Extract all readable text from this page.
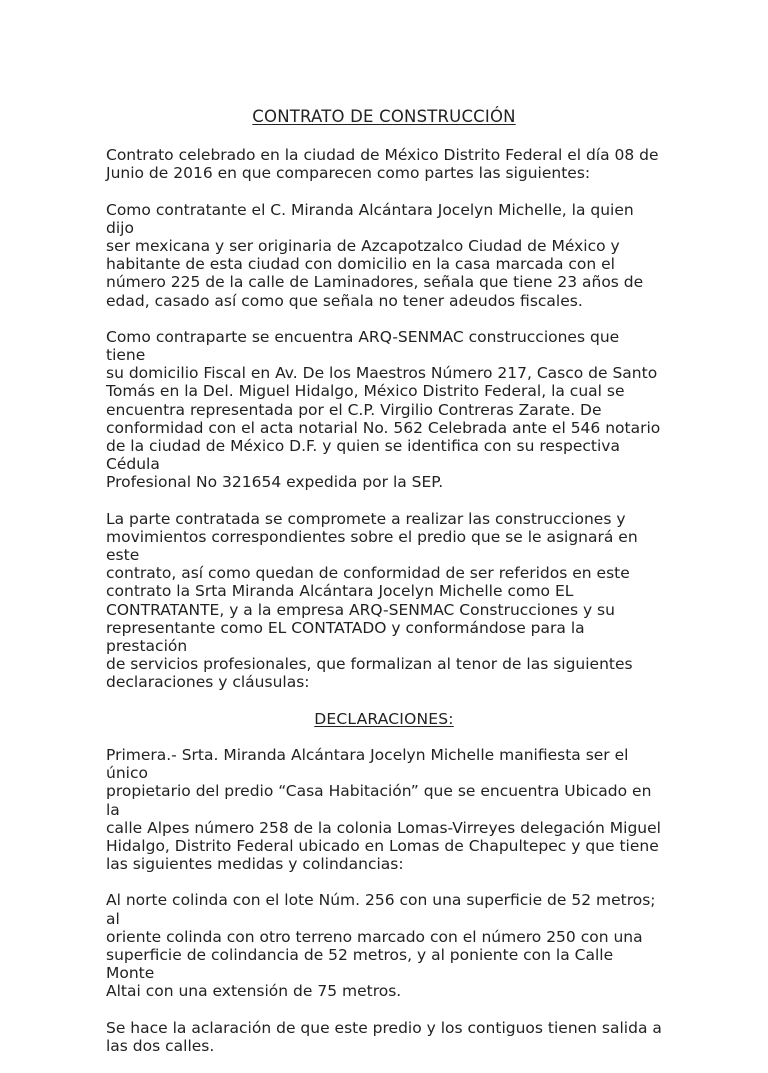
CONTRATO DE CONSTRUCCIÓN

Contrato celebrado en la ciudad de México Distrito Federal el día 08 de
Junio de 2016 en que comparecen como partes las siguientes:

Como contratante el C. Miranda Alcántara Jocelyn Michelle, la quien dijo
ser mexicana y ser originaria de Azcapotzalco Ciudad de México y
habitante de esta ciudad con domicilio en la casa marcada con el
número 225 de la calle de Laminadores, señala que tiene 23 años de
edad, casado así como que señala no tener adeudos fiscales.

Como contraparte se encuentra ARQ-SENMAC construcciones que tiene
su domicilio Fiscal en Av. De los Maestros Número 217, Casco de Santo
Tomás en la Del. Miguel Hidalgo, México Distrito Federal, la cual se
encuentra representada por el C.P. Virgilio Contreras Zarate. De
conformidad con el acta notarial No. 562 Celebrada ante el 546 notario
de la ciudad de México D.F. y quien se identifica con su respectiva Cédula
Profesional No 321654 expedida por la SEP.

La parte contratada se compromete a realizar las construcciones y
movimientos correspondientes sobre el predio que se le asignará en este
contrato, así como quedan de conformidad de ser referidos en este
contrato la Srta Miranda Alcántara Jocelyn Michelle como EL
CONTRATANTE, y a la empresa ARQ-SENMAC Construcciones y su
representante como EL CONTATADO y conformándose para la prestación
de servicios profesionales, que formalizan al tenor de las siguientes
declaraciones y cláusulas:

DECLARACIONES:

Primera.- Srta. Miranda Alcántara Jocelyn Michelle manifiesta ser el único
propietario del predio “Casa Habitación” que se encuentra Ubicado en la
calle Alpes número 258 de la colonia Lomas-Virreyes delegación Miguel
Hidalgo, Distrito Federal ubicado en Lomas de Chapultepec y que tiene
las siguientes medidas y colindancias:

Al norte colinda con el lote Núm. 256 con una superficie de 52 metros; al
oriente colinda con otro terreno marcado con el número 250 con una
superficie de colindancia de 52 metros, y al poniente con la Calle Monte
Altai con una extensión de 75 metros.

Se hace la aclaración de que este predio y los contiguos tienen salida a
las dos calles.
